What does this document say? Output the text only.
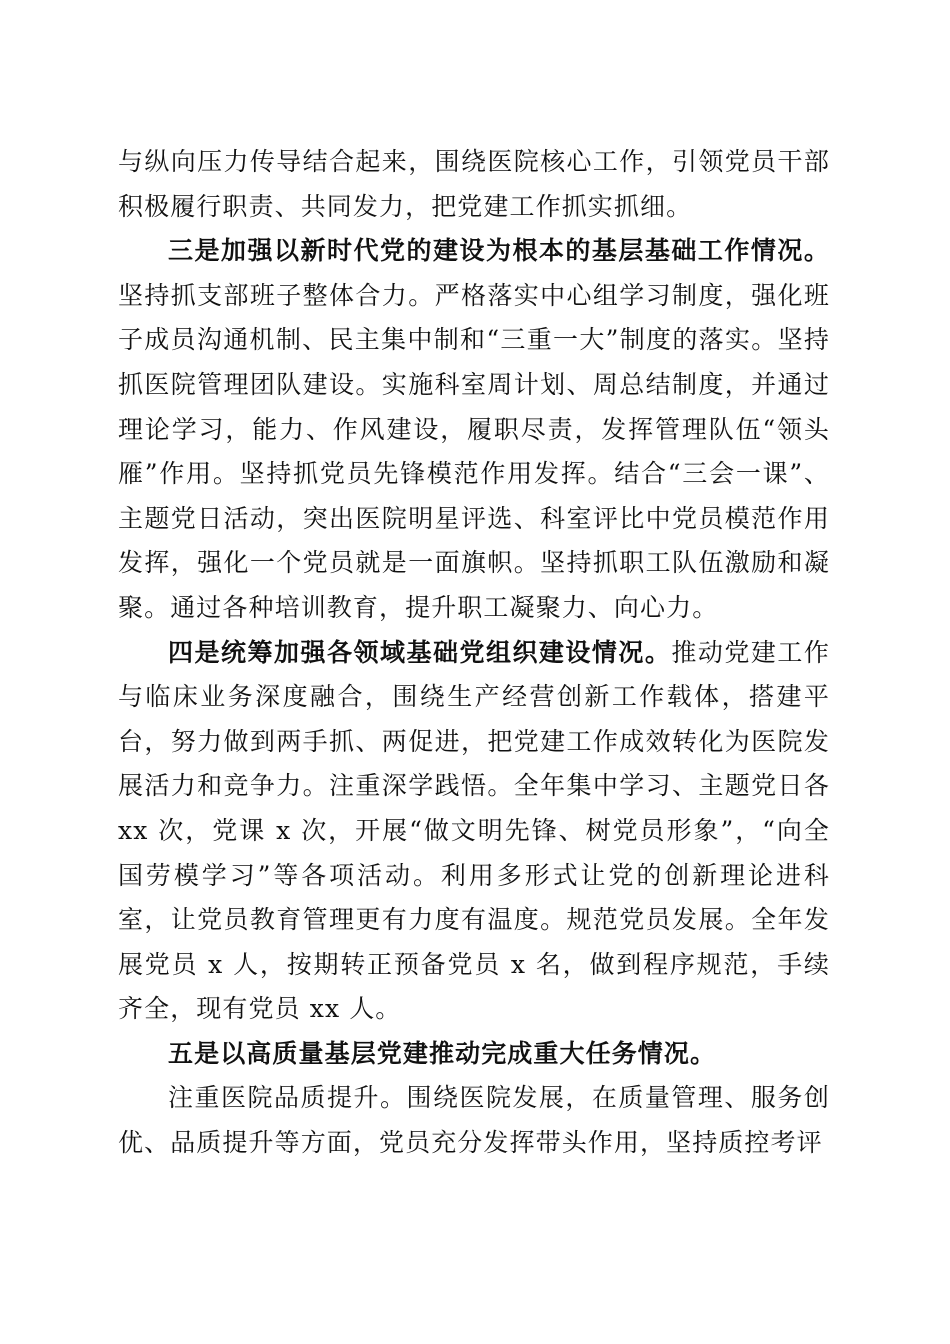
与纵向压力传导结合起来，围绕医院核心工作，引领党员干部积极履行职责、共同发力，把党建工作抓实抓细。

三是加强以新时代党的建设为根本的基层基础工作情况。坚持抓支部班子整体合力。严格落实中心组学习制度，强化班子成员沟通机制、民主集中制和“三重一大”制度的落实。坚持抓医院管理团队建设。实施科室周计划、周总结制度，并通过理论学习，能力、作风建设，履职尽责，发挥管理队伍“领头雁”作用。坚持抓党员先锋模范作用发挥。结合“三会一课”、主题党日活动，突出医院明星评选、科室评比中党员模范作用发挥，强化一个党员就是一面旗帜。坚持抓职工队伍激励和凝聚。通过各种培训教育，提升职工凝聚力、向心力。

四是统筹加强各领域基础党组织建设情况。推动党建工作与临床业务深度融合，围绕生产经营创新工作载体，搭建平台，努力做到两手抓、两促进，把党建工作成效转化为医院发展活力和竞争力。注重深学践悟。全年集中学习、主题党日各 xx 次，党课 x 次，开展“做文明先锋、树党员形象”，“向全国劳模学习”等各项活动。利用多形式让党的创新理论进科室，让党员教育管理更有力度有温度。规范党员发展。全年发展党员 x 人，按期转正预备党员 x 名，做到程序规范，手续齐全，现有党员 xx 人。

五是以高质量基层党建推动完成重大任务情况。

注重医院品质提升。围绕医院发展，在质量管理、服务创优、品质提升等方面，党员充分发挥带头作用，坚持质控考评
